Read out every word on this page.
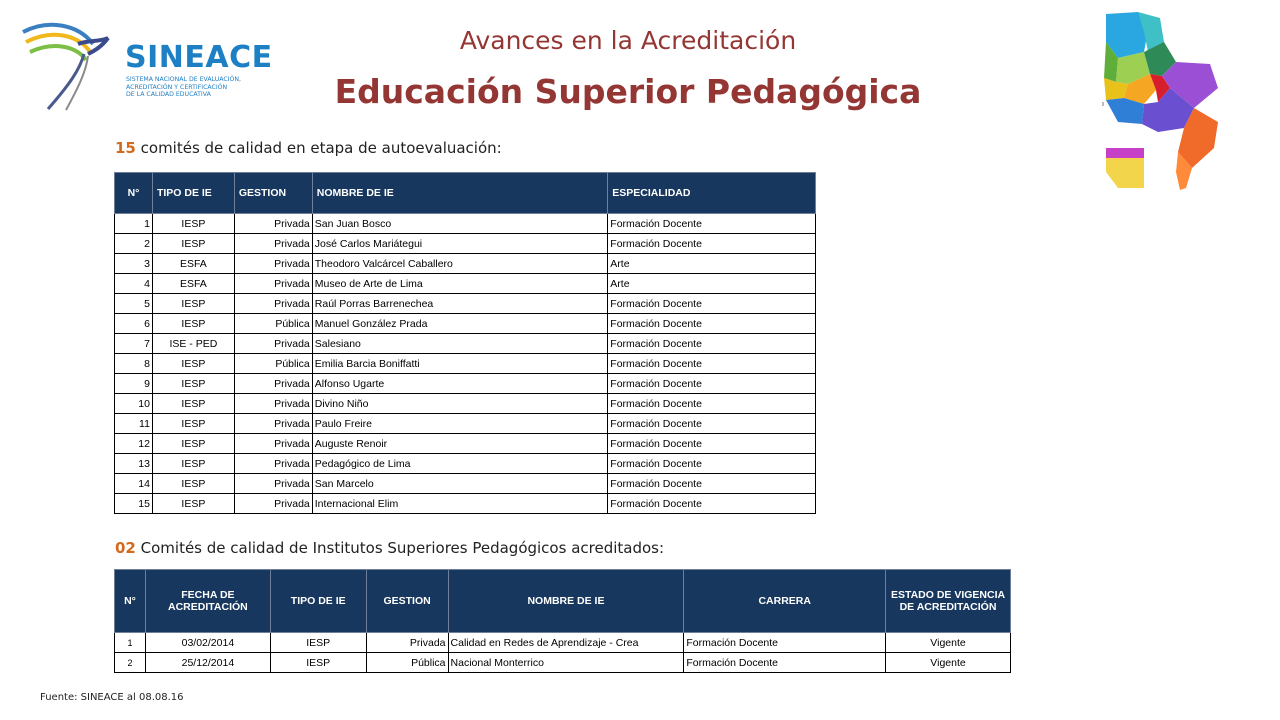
SINEACE
SISTEMA NACIONAL DE EVALUACIÓN,
ACREDITACIÓN Y CERTIFICACIÓN
DE LA CALIDAD EDUCATIVA
Avances en la Acreditación
Educación Superior Pedagógica
15 comités de calidad en etapa de autoevaluación:
N°	TIPO DE IE	GESTION	NOMBRE DE IE	ESPECIALIDAD
1	IESP	Privada	San Juan Bosco	Formación Docente
2	IESP	Privada	José Carlos Mariátegui	Formación Docente
3	ESFA	Privada	Theodoro Valcárcel Caballero	Arte
4	ESFA	Privada	Museo de Arte de Lima	Arte
5	IESP	Privada	Raúl Porras Barrenechea	Formación Docente
6	IESP	Pública	Manuel González Prada	Formación Docente
7	ISE - PED	Privada	Salesiano	Formación Docente
8	IESP	Pública	Emilia Barcia Boniffatti	Formación Docente
9	IESP	Privada	Alfonso Ugarte	Formación Docente
10	IESP	Privada	Divino Niño	Formación Docente
11	IESP	Privada	Paulo Freire	Formación Docente
12	IESP	Privada	Auguste Renoir	Formación Docente
13	IESP	Privada	Pedagógico de Lima	Formación Docente
14	IESP	Privada	San Marcelo	Formación Docente
15	IESP	Privada	Internacional Elim	Formación Docente
02 Comités de calidad de Institutos Superiores Pedagógicos acreditados:
N°	FECHA DE ACREDITACIÓN	TIPO DE IE	GESTION	NOMBRE DE IE	CARRERA	ESTADO DE VIGENCIA DE ACREDITACIÓN
1	03/02/2014	IESP	Privada	Calidad en Redes de Aprendizaje - Crea	Formación Docente	Vigente
2	25/12/2014	IESP	Pública	Nacional Monterrico	Formación Docente	Vigente
Fuente: SINEACE al 08.08.16
